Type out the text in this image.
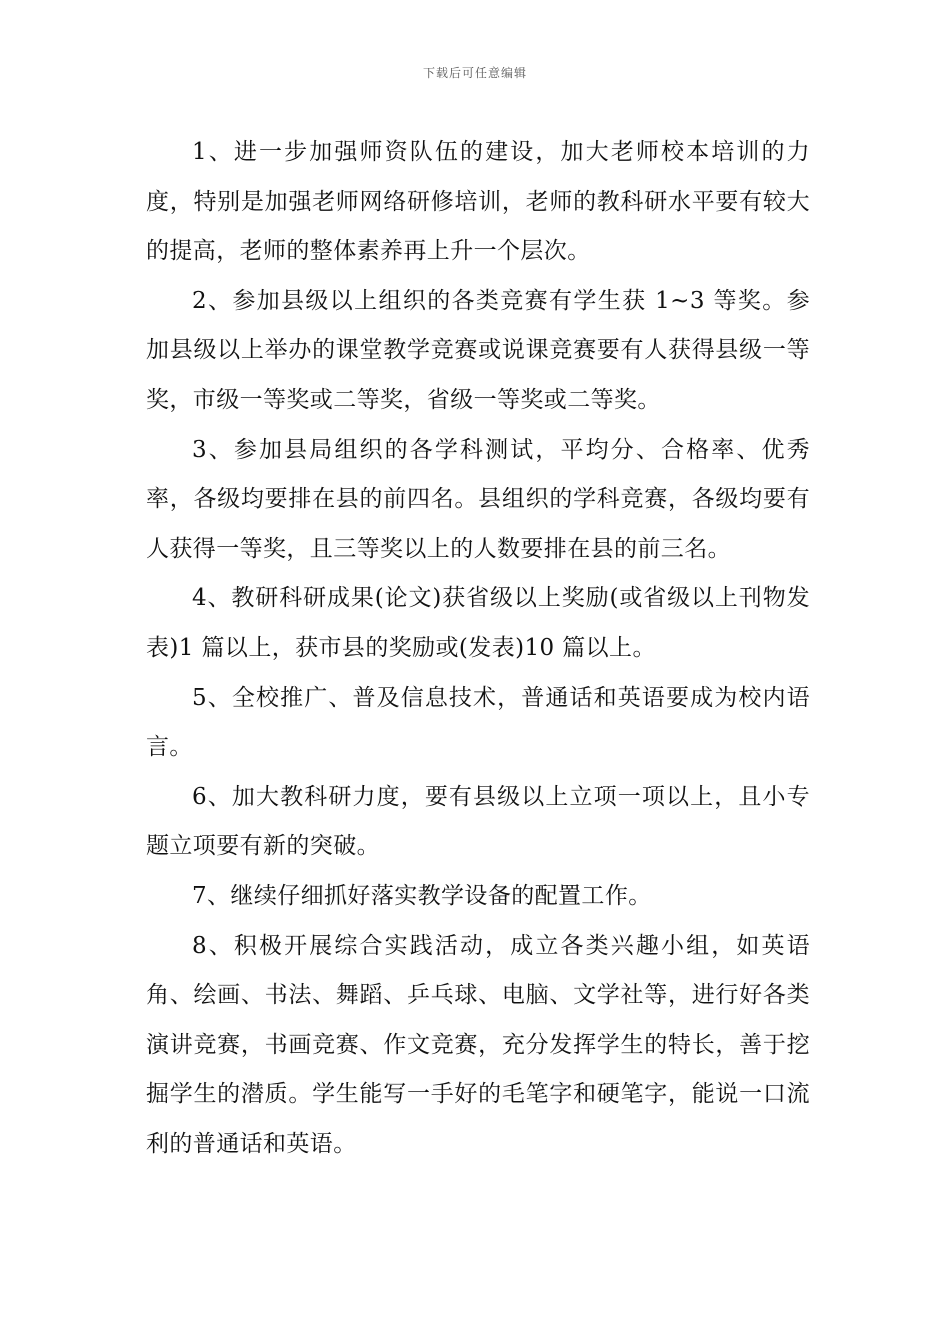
下载后可任意编辑

1、进一步加强师资队伍的建设，加大老师校本培训的力度，特别是加强老师网络研修培训，老师的教科研水平要有较大的提高，老师的整体素养再上升一个层次。

2、参加县级以上组织的各类竞赛有学生获 1~3 等奖。参加县级以上举办的课堂教学竞赛或说课竞赛要有人获得县级一等奖，市级一等奖或二等奖，省级一等奖或二等奖。

3、参加县局组织的各学科测试，平均分、合格率、优秀率，各级均要排在县的前四名。县组织的学科竞赛，各级均要有人获得一等奖，且三等奖以上的人数要排在县的前三名。

4、教研科研成果(论文)获省级以上奖励(或省级以上刊物发表)1 篇以上，获市县的奖励或(发表)10 篇以上。

5、全校推广、普及信息技术，普通话和英语要成为校内语言。

6、加大教科研力度，要有县级以上立项一项以上，且小专题立项要有新的突破。

7、继续仔细抓好落实教学设备的配置工作。

8、积极开展综合实践活动，成立各类兴趣小组，如英语角、绘画、书法、舞蹈、乒乓球、电脑、文学社等，进行好各类演讲竞赛，书画竞赛、作文竞赛，充分发挥学生的特长，善于挖掘学生的潜质。学生能写一手好的毛笔字和硬笔字，能说一口流利的普通话和英语。
